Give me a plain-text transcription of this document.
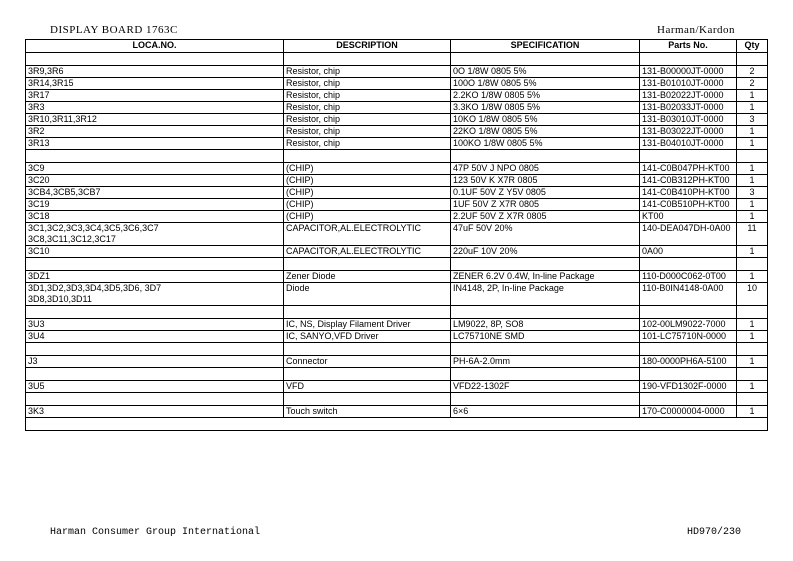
DISPLAY BOARD 1763C	Harman/Kardon
LOCA.NO.	DESCRIPTION	SPECIFICATION	Parts No.	Qty

3R9,3R6	Resistor, chip	0O 1/8W 0805 5%	131-B00000JT-0000	2

3R14,3R15	Resistor, chip	100O 1/8W 0805 5%	131-B01010JT-0000	2

3R17	Resistor, chip	2.2KO 1/8W 0805 5%	131-B02022JT-0000	1

3R3	Resistor, chip	3.3KO 1/8W 0805 5%	131-B02033JT-0000	1

3R10,3R11,3R12	Resistor, chip	10KO 1/8W 0805 5%	131-B03010JT-0000	3

3R2	Resistor, chip	22KO 1/8W 0805 5%	131-B03022JT-0000	1

3R13	Resistor, chip	100KO 1/8W 0805 5%	131-B04010JT-0000	1

3C9	(CHIP)	47P 50V J NPO 0805	141-C0B047PH-KT00	1

3C20	(CHIP)	123 50V K X7R 0805	141-C0B312PH-KT00	1

3CB4,3CB5,3CB7	(CHIP)	0.1UF 50V Z Y5V 0805	141-C0B410PH-KT00	3

3C19	(CHIP)	1UF 50V Z X7R 0805	141-C0B510PH-KT00	1

3C18	(CHIP)	2.2UF 50V Z X7R 0805	KT00	1

3C1,3C2,3C3,3C4,3C5,3C6,3C7
3C8,3C11,3C12,3C17	CAPACITOR,AL.ELECTROLYTIC	47uF 50V 20%	140-DEA047DH-0A00	11

3C10	CAPACITOR,AL.ELECTROLYTIC	220uF 10V 20%	0A00	1

3DZ1	Zener Diode	ZENER 6.2V 0.4W, In-line Package	110-D000C062-0T00	1

3D1,3D2,3D3,3D4,3D5,3D6, 3D7
3D8,3D10,3D11	Diode	IN4148, 2P, In-line Package	110-B0IN4148-0A00	10

3U3	IC, NS, Display Filament Driver	LM9022, 8P, SO8	102-00LM9022-7000	1

3U4	IC, SANYO,VFD Driver	LC75710NE SMD	101-LC75710N-0000	1

J3	Connector	PH-6A-2.0mm	180-0000PH6A-5100	1

3U5	VFD	VFD22-1302F	190-VFD1302F-0000	1

3K3	Touch switch	6×6	170-C0000004-0000	1

Harman Consumer Group International	HD970/230
